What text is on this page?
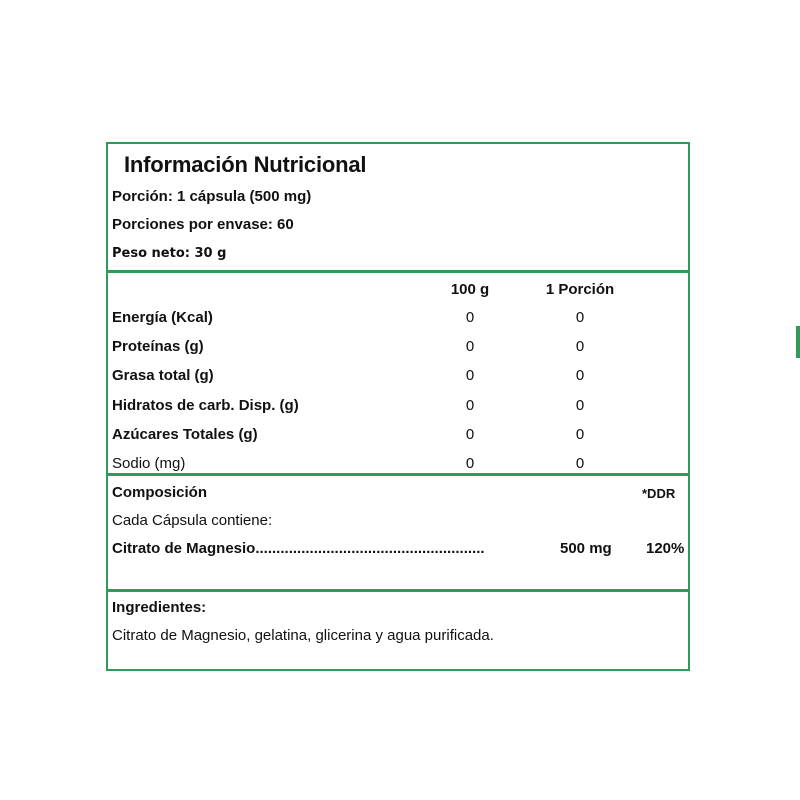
Información Nutricional
Porción: 1 cápsula (500 mg)
Porciones por envase: 60
Peso neto: 30 g
100 g	1 Porción
Energía (Kcal)	0	0
Proteínas (g)	0	0
Grasa total (g)	0	0
Hidratos de carb. Disp. (g)	0	0
Azúcares Totales (g)	0	0
Sodio (mg)	0	0
Composición	*DDR
Cada Cápsula contiene:
Citrato de Magnesio.......................................................	500 mg 120%
Ingredientes:
Citrato de Magnesio, gelatina, glicerina y agua purificada.
